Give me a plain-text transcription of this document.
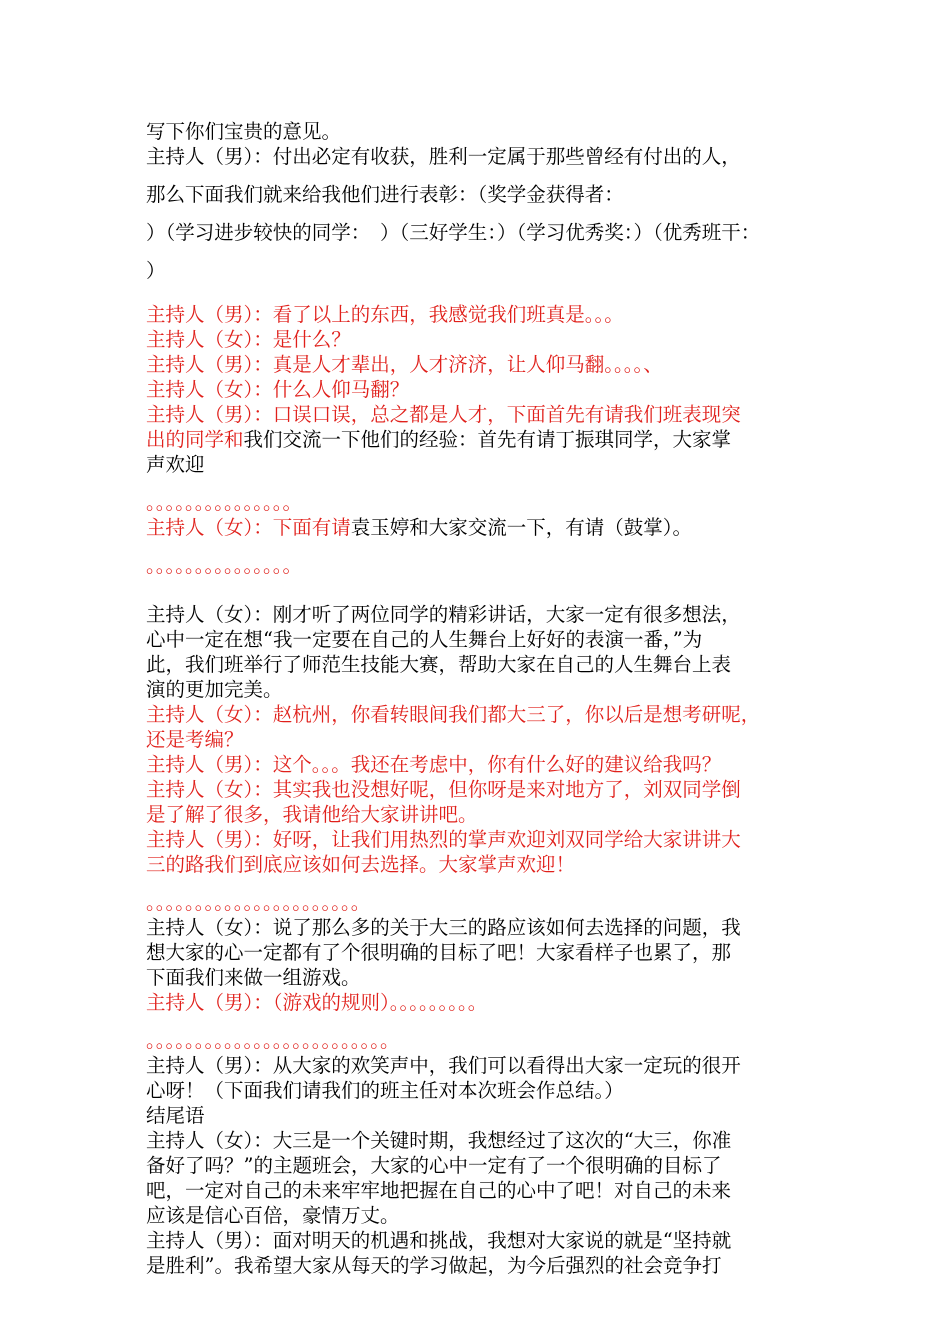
写下你们宝贵的意见。
主持人（男）：付出必定有收获，胜利一定属于那些曾经有付出的人，
那么下面我们就来给我他们进行表彰：（奖学金获得者：
）（学习进步较快的同学：　）（三好学生：）（学习优秀奖：）（优秀班干：
）
主持人（男）：看了以上的东西，我感觉我们班真是。。。
主持人（女）：是什么？
主持人（男）：真是人才辈出，人才济济，让人仰马翻。。。。、
主持人（女）：什么人仰马翻？
主持人（男）：口误口误，总之都是人才，下面首先有请我们班表现突
出的同学和我们交流一下他们的经验：首先有请丁振琪同学，大家掌
声欢迎
。。。。。。。。。。。。。。。
主持人（女）：下面有请袁玉婷和大家交流一下，有请（鼓掌）。
。。。。。。。。。。。。。。。
主持人（女）：刚才听了两位同学的精彩讲话，大家一定有很多想法，
心中一定在想“我一定要在自己的人生舞台上好好的表演一番，”为
此，我们班举行了师范生技能大赛，帮助大家在自己的人生舞台上表
演的更加完美。
主持人（女）：赵杭州，你看转眼间我们都大三了，你以后是想考研呢，
还是考编？
主持人（男）：这个。。。我还在考虑中，你有什么好的建议给我吗？
主持人（女）：其实我也没想好呢，但你呀是来对地方了，刘双同学倒
是了解了很多，我请他给大家讲讲吧。
主持人（男）：好呀，让我们用热烈的掌声欢迎刘双同学给大家讲讲大
三的路我们到底应该如何去选择。大家掌声欢迎！
。。。。。。。。。。。。。。。。。。。。。。
主持人（女）：说了那么多的关于大三的路应该如何去选择的问题，我
想大家的心一定都有了个很明确的目标了吧！大家看样子也累了，那
下面我们来做一组游戏。
主持人（男）：（游戏的规则）。。。。。。。。。
。。。。。。。。。。。。。。。。。。。。。。。。。
主持人（男）：从大家的欢笑声中，我们可以看得出大家一定玩的很开
心呀！（下面我们请我们的班主任对本次班会作总结。）
结尾语
主持人（女）：大三是一个关键时期，我想经过了这次的“大三，你准
备好了吗？”的主题班会，大家的心中一定有了一个很明确的目标了
吧，一定对自己的未来牢牢地把握在自己的心中了吧！对自己的未来
应该是信心百倍，豪情万丈。
主持人（男）：面对明天的机遇和挑战，我想对大家说的就是“坚持就
是胜利”。我希望大家从每天的学习做起，为今后强烈的社会竞争打
